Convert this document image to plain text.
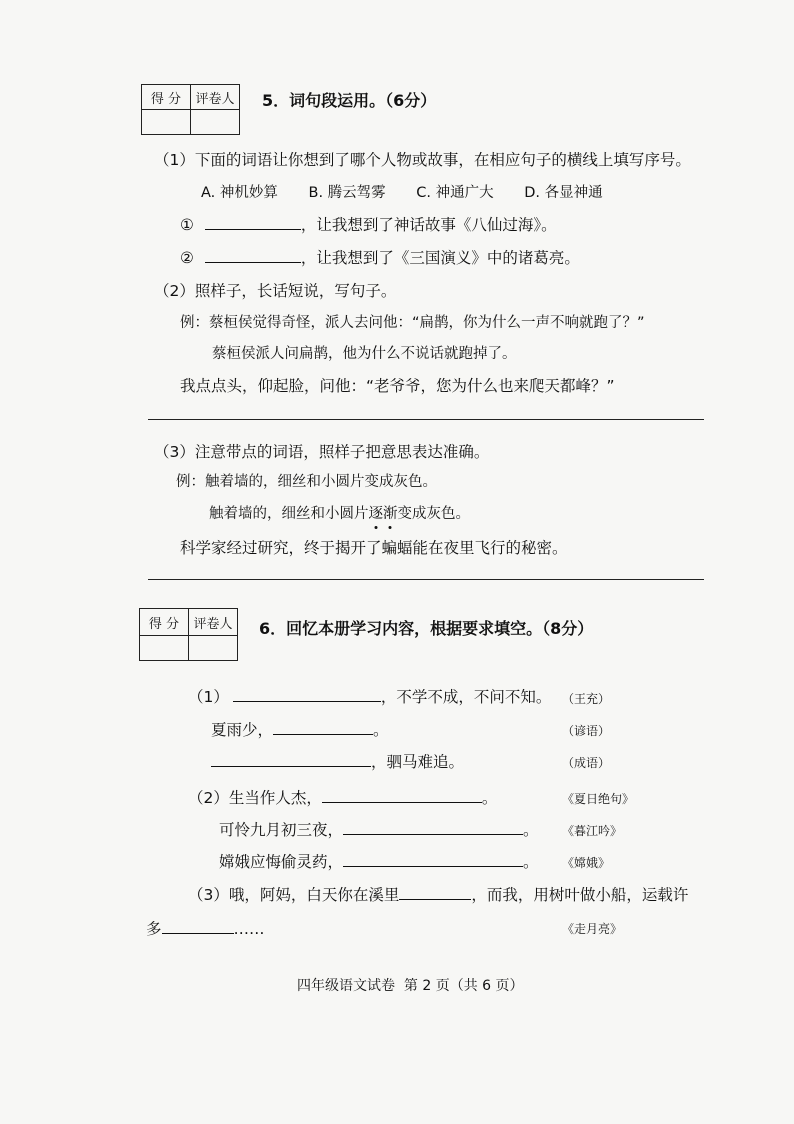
得 分	评卷人
	5．词句段运用。（6分）
（1）下面的词语让你想到了哪个人物或故事，在相应句子的横线上填写序号。
A. 神机妙算 B. 腾云驾雾 C. 神通广大 D. 各显神通
①	，让我想到了神话故事《八仙过海》。
②	，让我想到了《三国演义》中的诸葛亮。
（2）照样子，长话短说，写句子。
例：蔡桓侯觉得奇怪，派人去问他：“扁鹊，你为什么一声不响就跑了？”
蔡桓侯派人问扁鹊，他为什么不说话就跑掉了。
我点点头，仰起脸，问他：“老爷爷，您为什么也来爬天都峰？”
（3）注意带点的词语，照样子把意思表达准确。
例：触着墙的，细丝和小圆片变成灰色。
触着墙的，细丝和小圆片逐渐变成灰色。
科学家经过研究，终于揭开了蝙蝠能在夜里飞行的秘密。
得 分	评卷人
	6．回忆本册学习内容，根据要求填空。（8分）
（1）	，不学不成，不问不知。 （王充）
夏雨少，	。	（谚语）
，驷马难追。	（成语）
（2）生当作人杰，	。	《夏日绝句》
可怜九月初三夜，	。 《暮江吟》
嫦娥应悔偷灵药，	。 《嫦娥》
（3）哦，阿妈，白天你在溪里	，而我，用树叶做小船，运载许
多	……	《走月亮》
四年级语文试卷  第 2 页（共 6 页）
